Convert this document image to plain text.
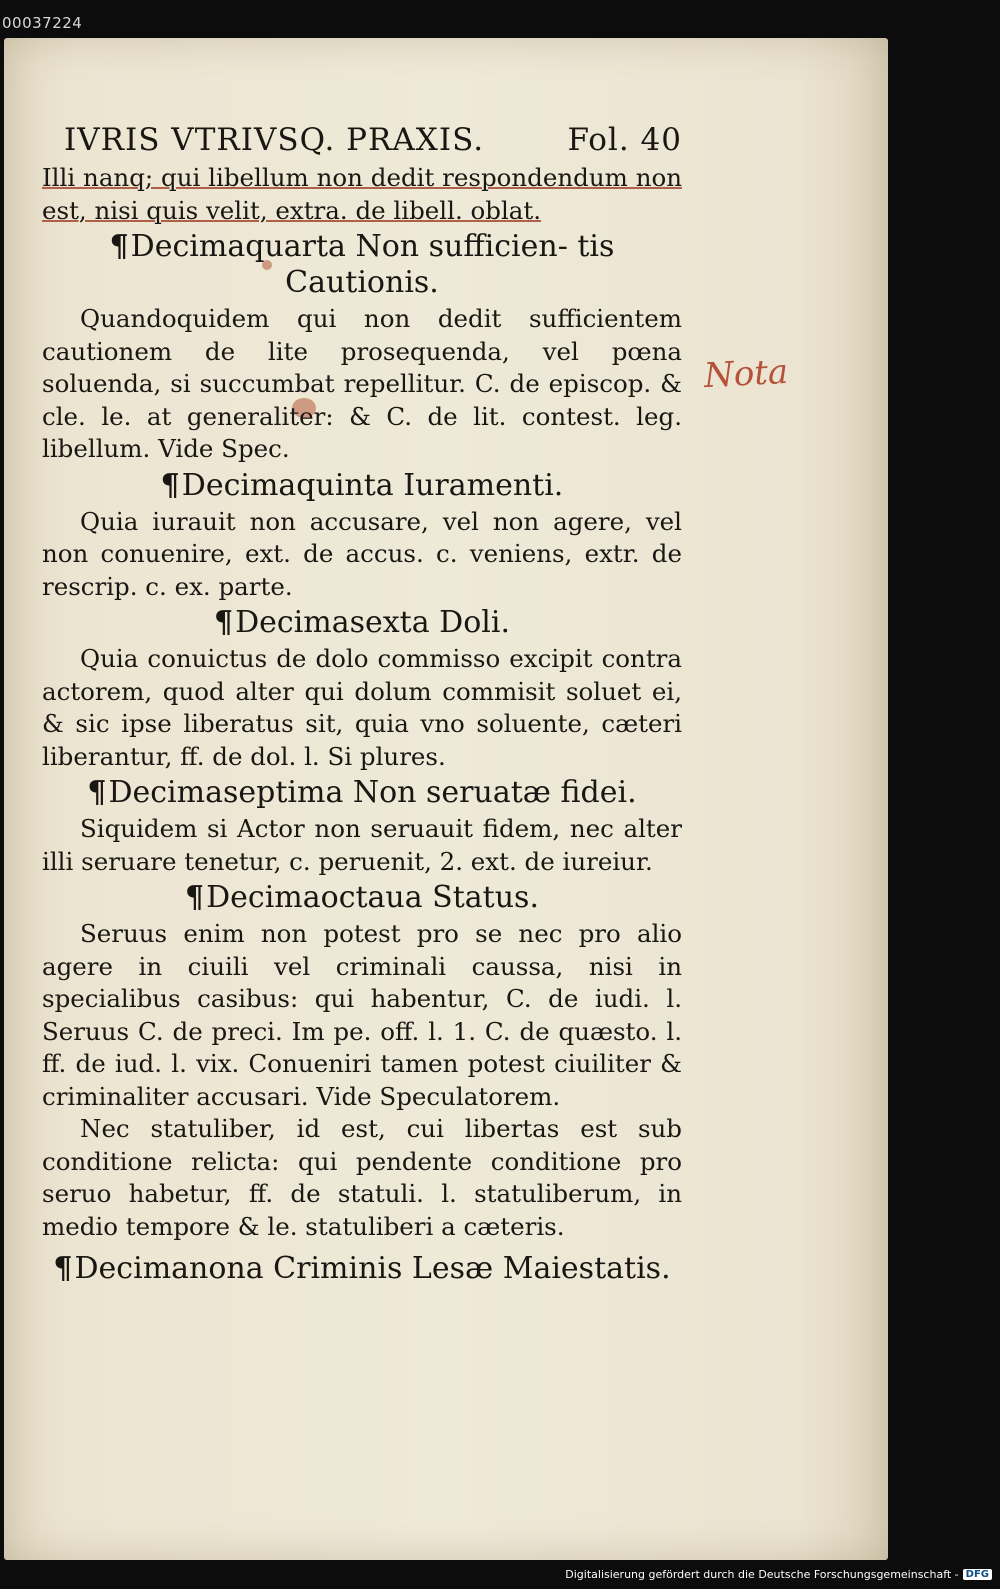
00037224
IVRIS VTRIVSQ. PRAXIS.	Fol. 40

Illi nanq; qui libellum non dedit respondendum non est, nisi quis velit, extra. de libell. oblat.

¶Decimaquarta Non sufficien- tis Cautionis.

Quandoquidem qui non dedit sufficientem cautionem de lite prosequenda, vel pœna soluenda, si succumbat repellitur. C. de episcop. & cle. le. at generaliter: & C. de lit. contest. leg. libellum. Vide Spec.

¶Decimaquinta Iuramenti.

Quia iurauit non accusare, vel non agere, vel non conuenire, ext. de accus. c. veniens, extr. de rescrip. c. ex. parte.

¶Decimasexta Doli.

Quia conuictus de dolo commisso excipit contra actorem, quod alter qui dolum commisit soluet ei, & sic ipse liberatus sit, quia vno soluente, cæteri liberantur, ff. de dol. l. Si plures.

¶Decimaseptima Non seruatæ fidei.

Siquidem si Actor non seruauit fidem, nec alter illi seruare tenetur, c. peruenit, 2. ext. de iureiur.

¶Decimaoctaua Status.

Seruus enim non potest pro se nec pro alio agere in ciuili vel criminali caussa, nisi in specialibus casibus: qui habentur, C. de iudi. l. Seruus C. de preci. Im pe. off. l. 1. C. de quæsto. l. ff. de iud. l. vix. Conueniri tamen potest ciuiliter & criminaliter accusari. Vide Speculatorem.

Nec statuliber, id est, cui libertas est sub conditione relicta: qui pendente conditione pro seruo habetur, ff. de statuli. l. statuliberum, in medio tempore & le. statuliberi a cæteris.

¶Decimanona Criminis Lesæ Maiestatis.
Nota
Digitalisierung gefördert durch die Deutsche Forschungsgemeinschaft - DFG
